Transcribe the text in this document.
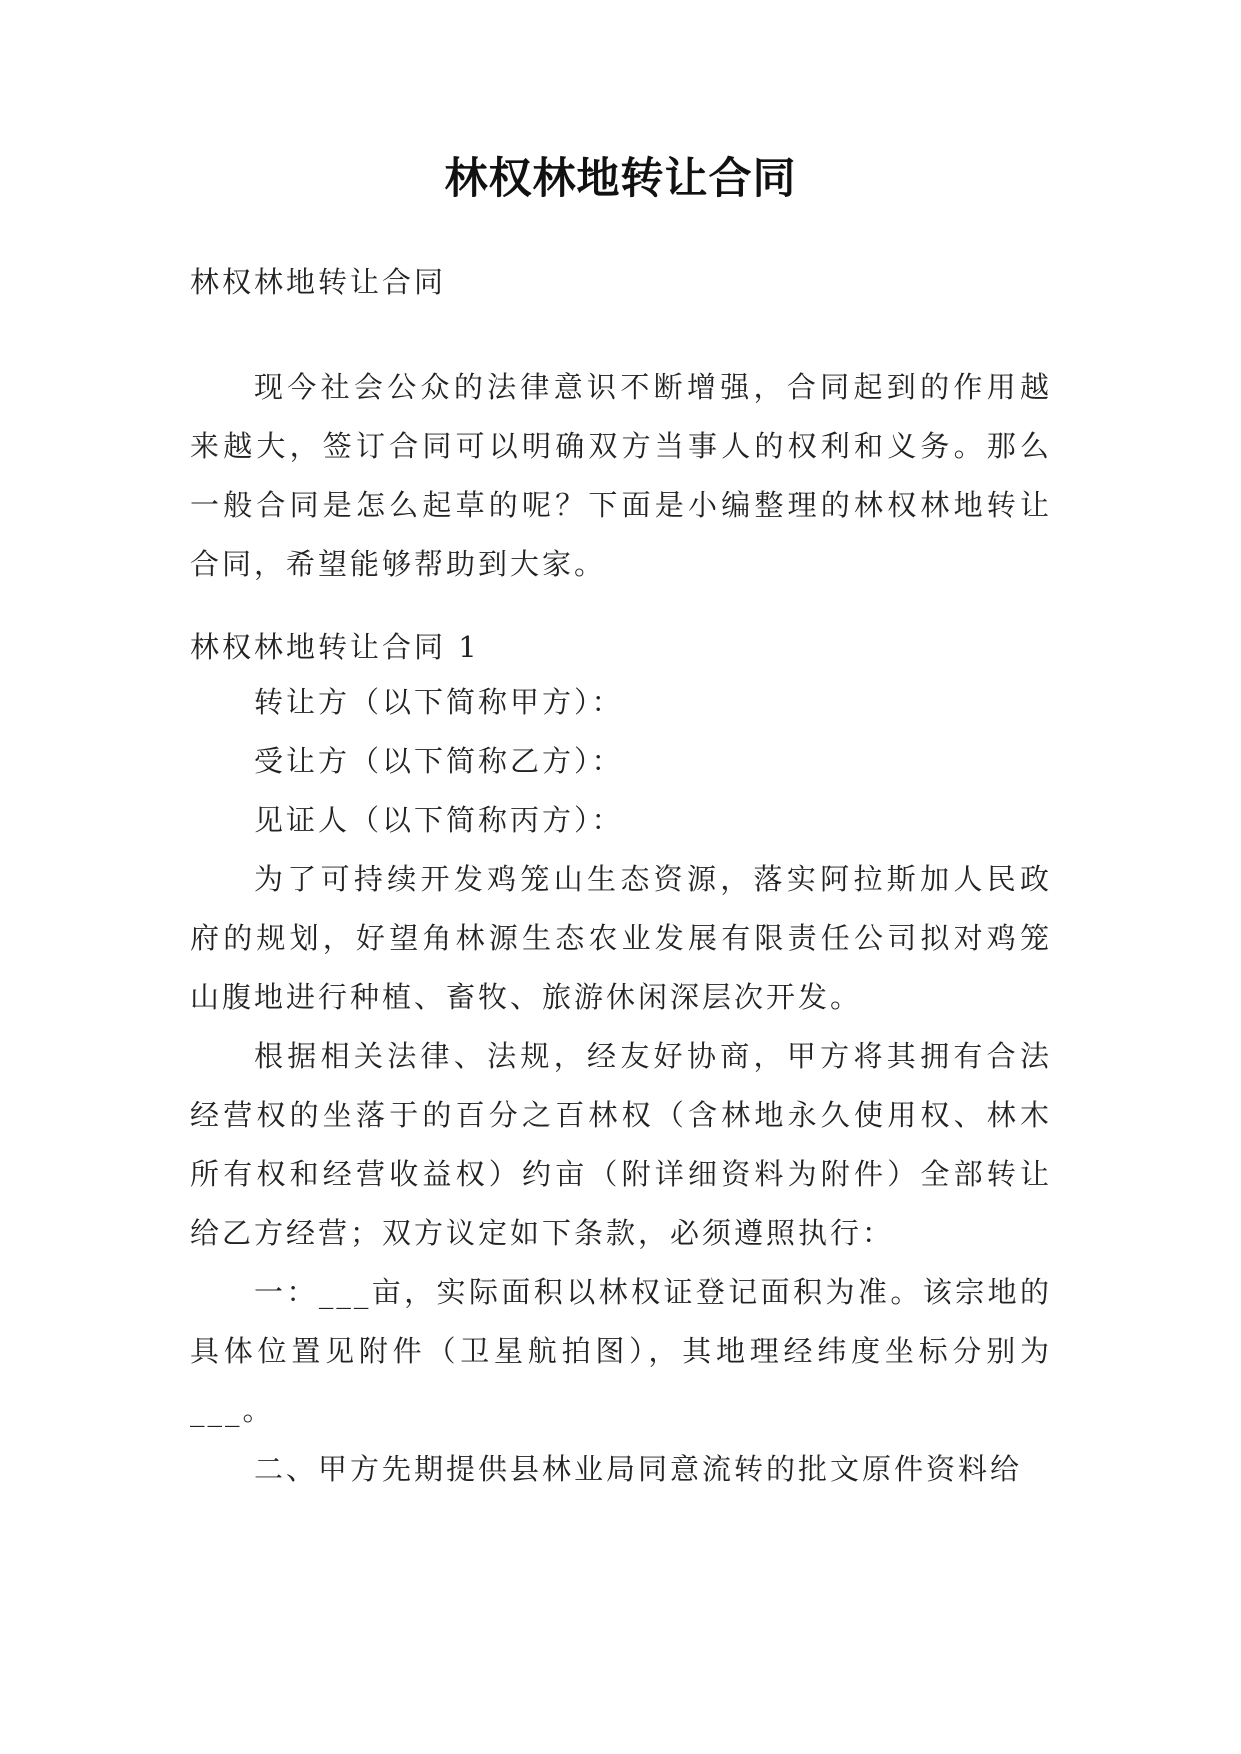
林权林地转让合同
林权林地转让合同

现今社会公众的法律意识不断增强，合同起到的作用越来越大，签订合同可以明确双方当事人的权利和义务。那么一般合同是怎么起草的呢？下面是小编整理的林权林地转让合同，希望能够帮助到大家。

林权林地转让合同 1

转让方（以下简称甲方）：

受让方（以下简称乙方）：

见证人（以下简称丙方）：

为了可持续开发鸡笼山生态资源，落实阿拉斯加人民政府的规划，好望角林源生态农业发展有限责任公司拟对鸡笼山腹地进行种植、畜牧、旅游休闲深层次开发。

根据相关法律、法规，经友好协商，甲方将其拥有合法经营权的坐落于的百分之百林权（含林地永久使用权、林木所有权和经营收益权）约亩（附详细资料为附件）全部转让给乙方经营；双方议定如下条款，必须遵照执行：

一：___亩，实际面积以林权证登记面积为准。该宗地的具体位置见附件（卫星航拍图），其地理经纬度坐标分别为___。

二、甲方先期提供县林业局同意流转的批文原件资料给
